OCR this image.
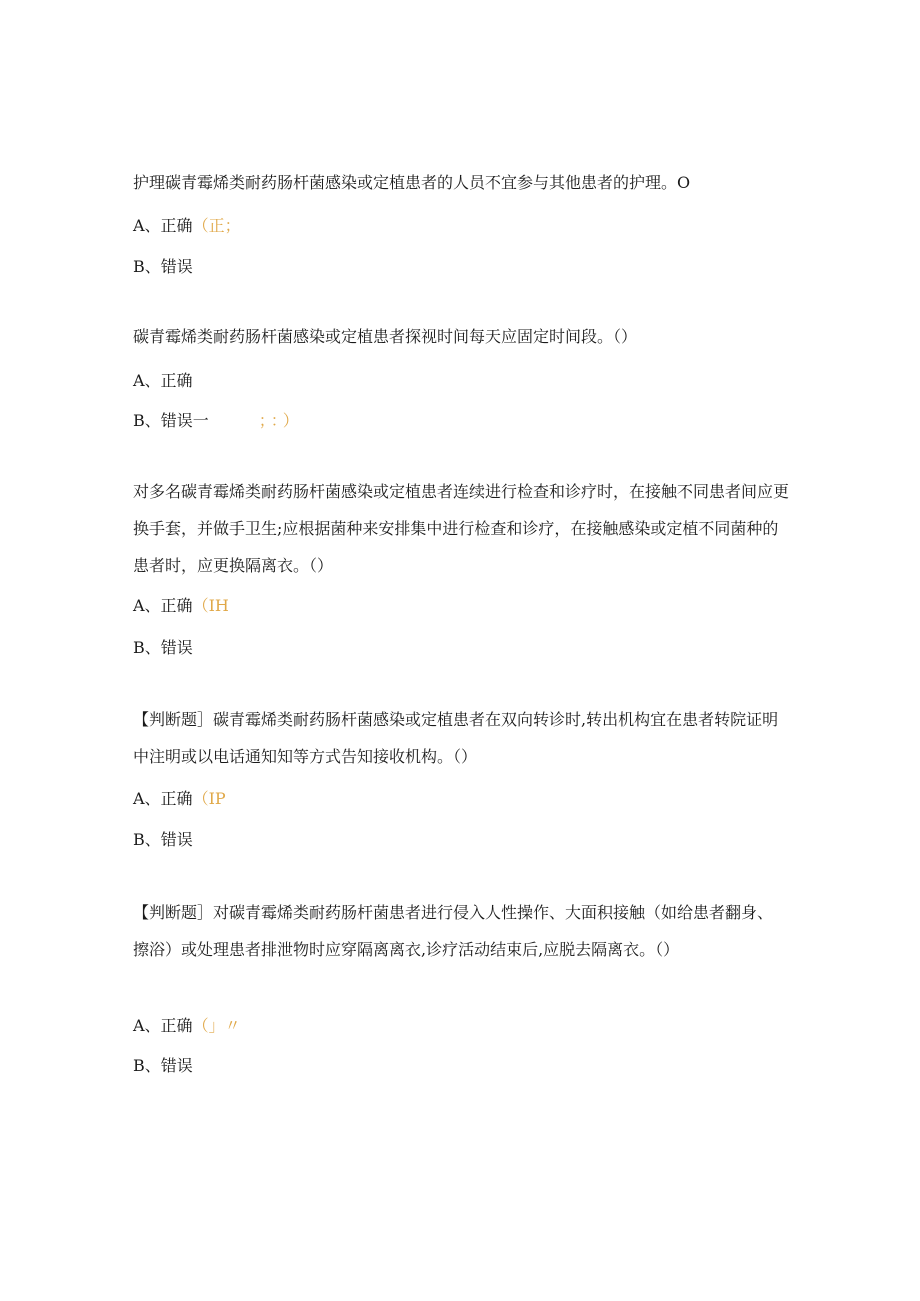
护理碳青霉烯类耐药肠杆菌感染或定植患者的人员不宜参与其他患者的护理。O
A、正确（正；
B、错误
碳青霉烯类耐药肠杆菌感染或定植患者探视时间每天应固定时间段。（）
A、正确
B、错误一	；：）
对多名碳青霉烯类耐药肠杆菌感染或定植患者连续进行检查和诊疗时，在接触不同患者间应更换手套，并做手卫生;应根据菌种来安排集中进行检查和诊疗，在接触感染或定植不同菌种的患者时，应更换隔离衣。（）
A、正确（IH
B、错误
【判断题］碳青霉烯类耐药肠杆菌感染或定植患者在双向转诊时,转出机构宜在患者转院证明中注明或以电话通知知等方式告知接收机构。（）
A、正确（IP
B、错误
【判断题］对碳青霉烯类耐药肠杆菌患者进行侵入人性操作、大面积接触（如给患者翻身、擦浴）或处理患者排泄物时应穿隔离离衣,诊疗活动结束后,应脱去隔离衣。（）
A、正确（」〃
B、错误
